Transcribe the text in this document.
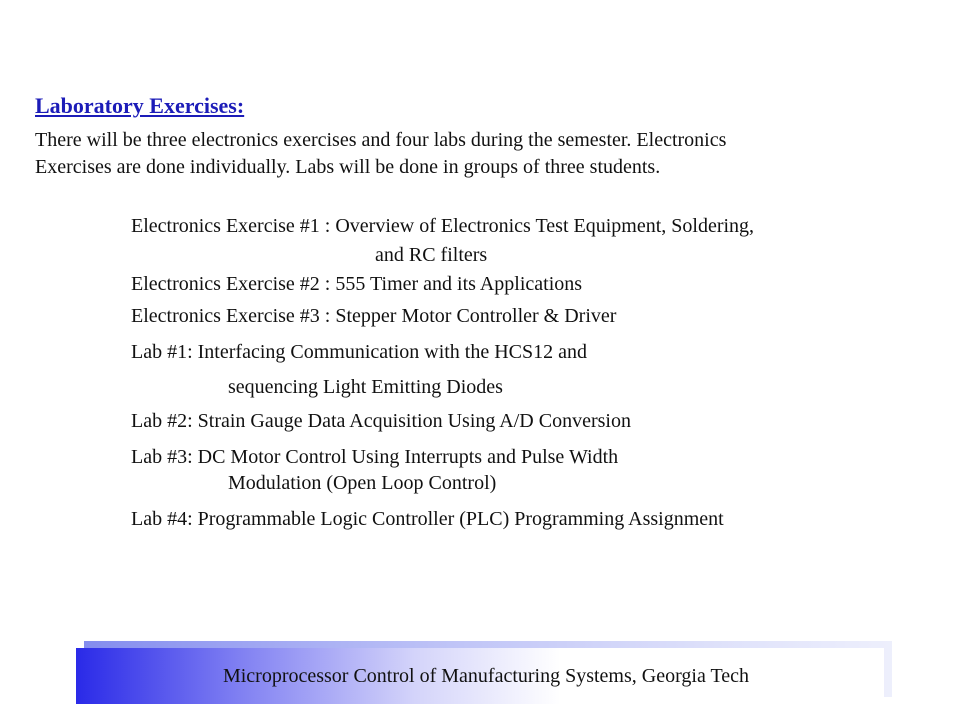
Laboratory Exercises:
There will be three electronics exercises and four labs during the semester. Electronics
Exercises are done individually. Labs will be done in groups of three students.
Electronics Exercise #1 : Overview of Electronics Test Equipment, Soldering,
and RC filters
Electronics Exercise #2 : 555 Timer and its Applications
Electronics Exercise #3 : Stepper Motor Controller & Driver
Lab #1: Interfacing Communication with the HCS12 and
sequencing Light Emitting Diodes
Lab #2: Strain Gauge Data Acquisition Using A/D Conversion
Lab #3: DC Motor Control Using Interrupts and Pulse Width
Modulation (Open Loop Control)
Lab #4: Programmable Logic Controller (PLC) Programming Assignment
Microprocessor Control of Manufacturing Systems, Georgia Tech
